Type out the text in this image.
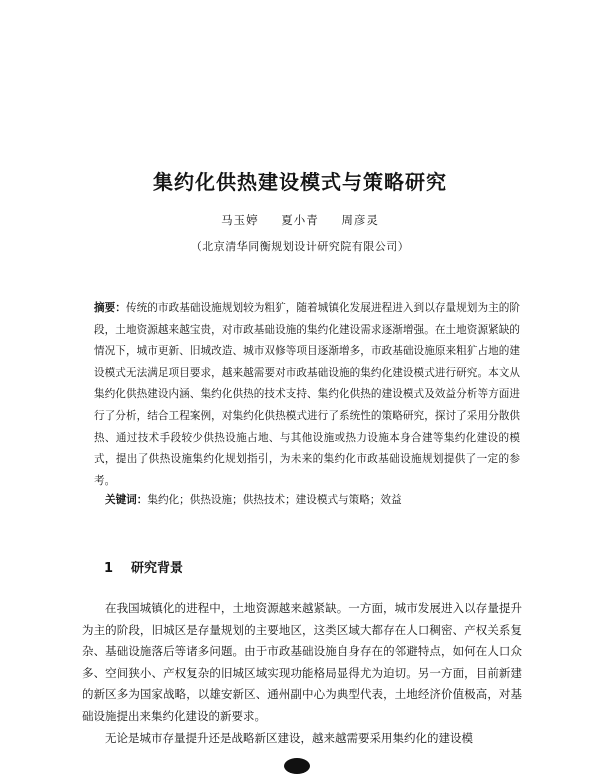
集约化供热建设模式与策略研究
马玉婷 夏小青 周彦灵
（北京清华同衡规划设计研究院有限公司）
摘要：传统的市政基础设施规划较为粗犷，随着城镇化发展进程进入到以存量规划为主的阶段，土地资源越来越宝贵，对市政基础设施的集约化建设需求逐渐增强。在土地资源紧缺的情况下，城市更新、旧城改造、城市双修等项目逐渐增多，市政基础设施原来粗犷占地的建设模式无法满足项目要求，越来越需要对市政基础设施的集约化建设模式进行研究。本文从集约化供热建设内涵、集约化供热的技术支持、集约化供热的建设模式及效益分析等方面进行了分析，结合工程案例，对集约化供热模式进行了系统性的策略研究，探讨了采用分散供热、通过技术手段较少供热设施占地、与其他设施或热力设施本身合建等集约化建设的模式，提出了供热设施集约化规划指引，为未来的集约化市政基础设施规划提供了一定的参考。
关键词：集约化；供热设施；供热技术；建设模式与策略；效益
1 研究背景
在我国城镇化的进程中，土地资源越来越紧缺。一方面，城市发展进入以存量提升为主的阶段，旧城区是存量规划的主要地区，这类区域大都存在人口稠密、产权关系复杂、基础设施落后等诸多问题。由于市政基础设施自身存在的邻避特点，如何在人口众多、空间狭小、产权复杂的旧城区域实现功能格局显得尤为迫切。另一方面，目前新建的新区多为国家战略，以雄安新区、通州副中心为典型代表，土地经济价值极高，对基础设施提出来集约化建设的新要求。
无论是城市存量提升还是战略新区建设，越来越需要采用集约化的建设模
